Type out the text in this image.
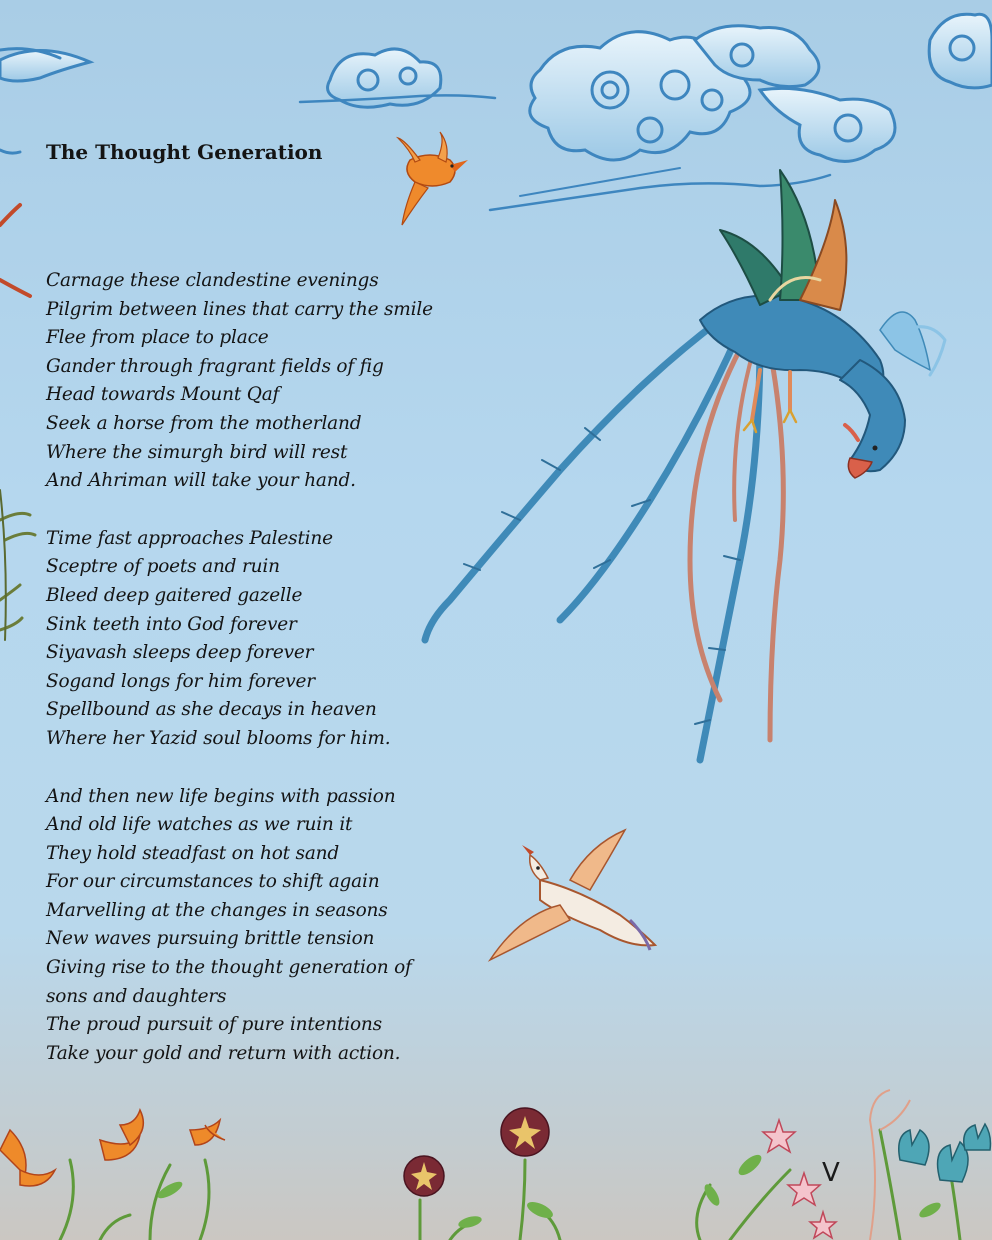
The Thought Generation
Carnage these clandestine evenings
Pilgrim between lines that carry the smile
Flee from place to place
Gander through fragrant fields of fig
Head towards Mount Qaf
Seek a horse from the motherland
Where the simurgh bird will rest
And Ahriman will take your hand.
Time fast approaches Palestine
Sceptre of poets and ruin
Bleed deep gaitered gazelle
Sink teeth into God forever
Siyavash sleeps deep forever
Sogand longs for him forever
Spellbound as she decays in heaven
Where her Yazid soul blooms for him.
And then new life begins with passion
And old life watches as we ruin it
They hold steadfast on hot sand
For our circumstances to shift again
Marvelling at the changes in seasons
New waves pursuing brittle tension
Giving rise to the thought generation of
sons and daughters
The proud pursuit of pure intentions
Take your gold and return with action.
V
